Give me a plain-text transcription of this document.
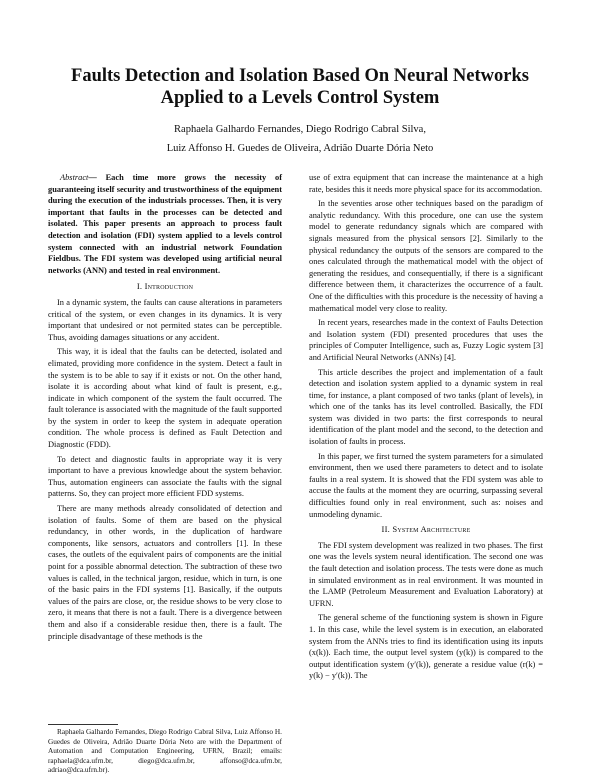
Faults Detection and Isolation Based On Neural Networks Applied to a Levels Control System
Raphaela Galhardo Fernandes, Diego Rodrigo Cabral Silva,
Luiz Affonso H. Guedes de Oliveira, Adrião Duarte Dória Neto

Abstract— Each time more grows the necessity of guaranteeing itself security and trustworthiness of the equipment during the execution of the industrials processes. Then, it is very important that faults in the processes can be detected and isolated. This paper presents an approach to process fault detection and isolation (FDI) system applied to a levels control system connected with an industrial network Foundation Fieldbus. The FDI system was developed using artificial neural networks (ANN) and tested in real environment.

I. Introduction

In a dynamic system, the faults can cause alterations in parameters critical of the system, or even changes in its dynamics. It is very important that undesired or not permited states can be perceptible. Thus, avoiding damages situations or any accident.

This way, it is ideal that the faults can be detected, isolated and elimated, providing more confidence in the system. Detect a fault in the system is to be able to say if it exists or not. On the other hand, isolate it is according about what kind of fault is present, e.g., indicate in which component of the system the fault occurred. The fault tolerance is associated with the magnitude of the fault supported by the system in order to keep the system in adequate operation condition. The whole process is defined as Fault Detection and Diagnostic (FDD).

To detect and diagnostic faults in appropriate way it is very important to have a previous knowledge about the system behavior. Thus, automation engineers can associate the faults with the signal patterns. So, they can project more efficient FDD systems.

There are many methods already consolidated of detection and isolation of faults. Some of them are based on the physical redundancy, in other words, in the duplication of hardware components, like sensors, actuators and controllers [1]. In these cases, the outlets of the equivalent pairs of components are the initial point for a possible abnormal detection. The subtraction of these two values is called, in the technical jargon, residue, which in turn, is one of the basic pairs in the FDI systems [1]. Basically, if the outputs values of the pairs are close, or, the residue shows to be very close to zero, it means that there is not a fault. There is a divergence between them and also if a considerable residue then, there is a fault. The principle disadvantage of these methods is the

use of extra equipment that can increase the maintenance at a high rate, besides this it needs more physical space for its accommodation.

In the seventies arose other techniques based on the paradigm of analytic redundancy. With this procedure, one can use the system model to generate redundancy signals which are compared with signals measured from the physical sensors [2]. Similarly to the physical redundancy the outputs of the sensors are compared to the ones calculated through the mathematical model with the object of generating the residues, and consequentially, if there is a significant difference between them, it characterizes the occurrence of a fault. One of the difficulties with this procedure is the necessity of having a mathematical model very close to reality.

In recent years, researches made in the context of Faults Detection and Isolation system (FDI) presented procedures that uses the principles of Computer Intelligence, such as, Fuzzy Logic system [3] and Artificial Neural Networks (ANNs) [4].

This article describes the project and implementation of a fault detection and isolation system applied to a dynamic system in real time, for instance, a plant composed of two tanks (plant of levels), in which one of the tanks has its level controlled. Basically, the FDI system was divided in two parts: the first corresponds to neural identification of the plant model and the second, to the detection and isolation of faults in process.

In this paper, we first turned the system parameters for a simulated environment, then we used there parameters to detect and to isolate faults in a real system. It is showed that the FDI system was able to accuse the faults at the moment they are ocurring, surpassing several difficulties found only in real environment, such as: noises and unmodeling dynamic.

II. System Architecture

The FDI system development was realized in two phases. The first one was the levels system neural identification. The second one was the fault detection and isolation process. The tests were done as much in simulated environment as in real environment. It was mounted in the LAMP (Petroleum Measurement and Evaluation Laboratory) at UFRN.

The general scheme of the functioning system is shown in Figure 1. In this case, while the level system is in execution, an elaborated system from the ANNs tries to find its identification using its inputs (x(k)). Each time, the output level system (y(k)) is compared to the output identification system (y′(k)), generate a residue value (r(k) = y(k) − y′(k)). The

Raphaela Galhardo Fernandes, Diego Rodrigo Cabral Silva, Luiz Affonso H. Guedes de Oliveira, Adrião Duarte Dória Neto are with the Department of Automation and Computation Engineering, UFRN, Brazil; emails: raphaela@dca.ufrn.br, diego@dca.ufrn.br, affonso@dca.ufrn.br, adriao@dca.ufrn.br).
